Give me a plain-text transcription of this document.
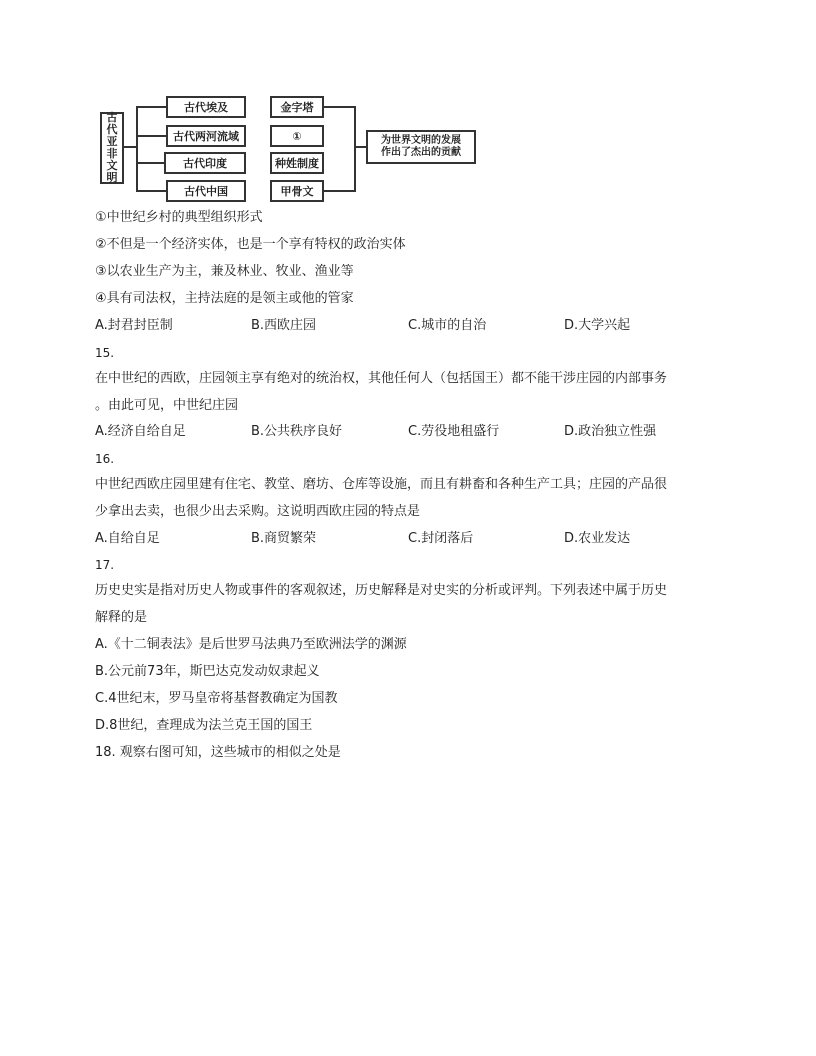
古代亚非文明
古代埃及
古代两河流域
古代印度
古代中国
金字塔
①
种姓制度
甲骨文
为世界文明的发展
作出了杰出的贡献
①中世纪乡村的典型组织形式
②不但是一个经济实体，也是一个享有特权的政治实体
③以农业生产为主，兼及林业、牧业、渔业等
④具有司法权，主持法庭的是领主或他的管家
A.封君封臣制	B.西欧庄园	C.城市的自治	D.大学兴起
15.
在中世纪的西欧，庄园领主享有绝对的统治权，其他任何人（包括国王）都不能干涉庄园的内部事务
。由此可见，中世纪庄园
A.经济自给自足	B.公共秩序良好	C.劳役地租盛行	D.政治独立性强
16.
中世纪西欧庄园里建有住宅、教堂、磨坊、仓库等设施，而且有耕畜和各种生产工具；庄园的产品很
少拿出去卖，也很少出去采购。这说明西欧庄园的特点是
A.自给自足	B.商贸繁荣	C.封闭落后	D.农业发达
17.
历史史实是指对历史人物或事件的客观叙述，历史解释是对史实的分析或评判。下列表述中属于历史
解释的是
A.《十二铜表法》是后世罗马法典乃至欧洲法学的渊源
B.公元前73年，斯巴达克发动奴隶起义
C.4世纪末，罗马皇帝将基督教确定为国教
D.8世纪，查理成为法兰克王国的国王
18. 观察右图可知，这些城市的相似之处是
